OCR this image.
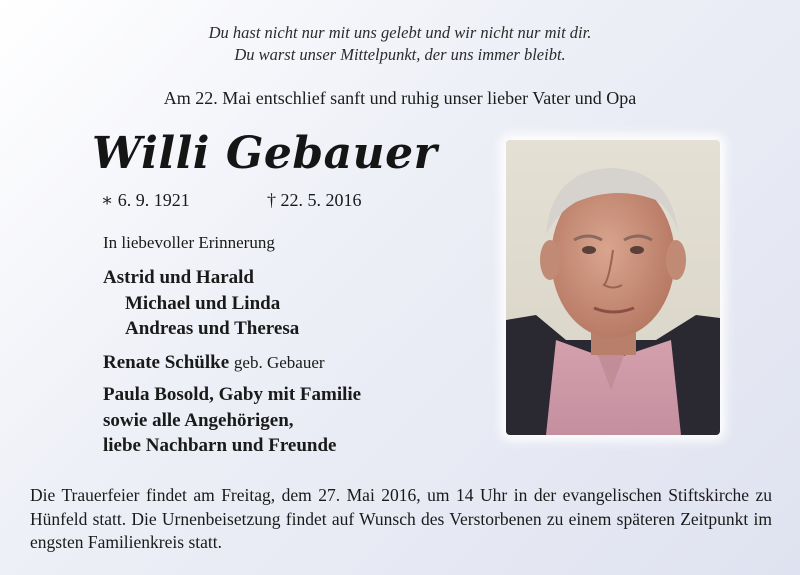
Du hast nicht nur mit uns gelebt und wir nicht nur mit dir.
Du warst unser Mittelpunkt, der uns immer bleibt.
Am 22. Mai entschlief sanft und ruhig unser lieber Vater und Opa
Willi Gebauer
∗ 6. 9. 1921	† 22. 5. 2016
In liebevoller Erinnerung
Astrid und Harald
Michael und Linda
Andreas und Theresa
Renate Schülke geb. Gebauer
Paula Bosold, Gaby mit Familie
sowie alle Angehörigen,
liebe Nachbarn und Freunde
Die Trauerfeier findet am Freitag, dem 27. Mai 2016, um 14 Uhr in der evangelischen Stiftskirche zu Hünfeld statt. Die Urnenbeisetzung findet auf Wunsch des Verstorbenen zu einem späteren Zeitpunkt im engsten Familienkreis statt.
